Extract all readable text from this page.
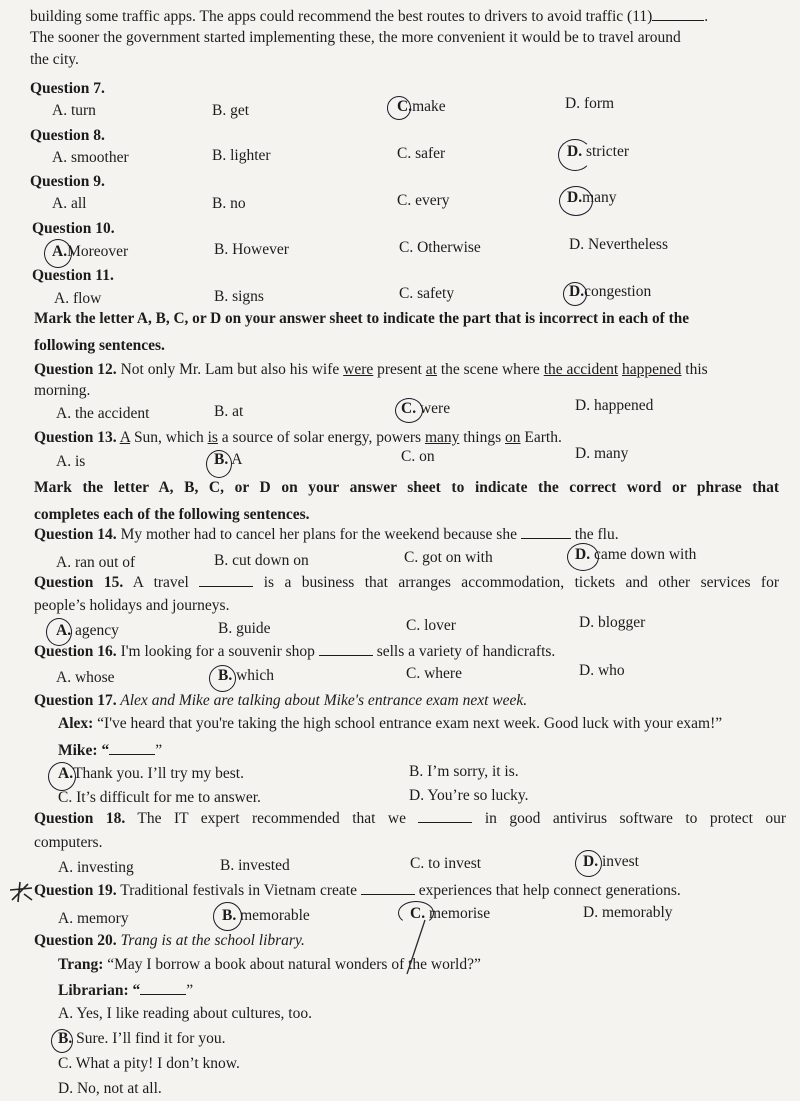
building some traffic apps. The apps could recommend the best routes to drivers to avoid traffic (11)	.
The sooner the government started implementing these, the more convenient it would be to travel around
the city.
Question 7.
A. turn	B. get	C.make	D. form
Question 8.
A. smoother	B. lighter	C. safer	D. stricter
Question 9.
A. all	B. no	C. every	D.many
Question 10.
A.Moreover	B. However	C. Otherwise	D. Nevertheless
Question 11.
A. flow	B. signs	C. safety	D.congestion
Mark the letter A, B, C, or D on your answer sheet to indicate the part that is incorrect in each of the
following sentences.
Question 12. Not only Mr. Lam but also his wife were present at the scene where the accident happened this
morning.
A. the accident	B. at	C. were	D. happened
Question 13. A Sun, which is a source of solar energy, powers many things on Earth.
A. is	B. A	C. on	D. many
Mark the letter A, B, C, or D on your answer sheet to indicate the correct word or phrase that
completes each of the following sentences.
Question 14. My mother had to cancel her plans for the weekend because she	the flu.
A. ran out of	B. cut down on	C. got on with	D. came down with
Question 15. A travel	is a business that arranges accommodation, tickets and other services for
people’s holidays and journeys.
A. agency	B. guide	C. lover	D. blogger
Question 16. I'm looking for a souvenir shop	sells a variety of handicrafts.
A. whose	B. which	C. where	D. who
Question 17. Alex and Mike are talking about Mike's entrance exam next week.
Alex: “I've heard that you're taking the high school entrance exam next week. Good luck with your exam!”
Mike: “	”
A.Thank you. I’ll try my best.	B. I’m sorry, it is.
C. It’s difficult for me to answer.	D. You’re so lucky.
Question 18. The IT expert recommended that we	in good antivirus software to protect our
computers.
A. investing	B. invested	C. to invest	D. invest
Question 19. Traditional festivals in Vietnam create	experiences that help connect generations.
A. memory	B. memorable	C. memorise	D. memorably
Question 20. Trang is at the school library.
Trang: “May I borrow a book about natural wonders of the world?”
Librarian: “	”
A. Yes, I like reading about cultures, too.
B. Sure. I’ll find it for you.
C. What a pity! I don’t know.
D. No, not at all.
